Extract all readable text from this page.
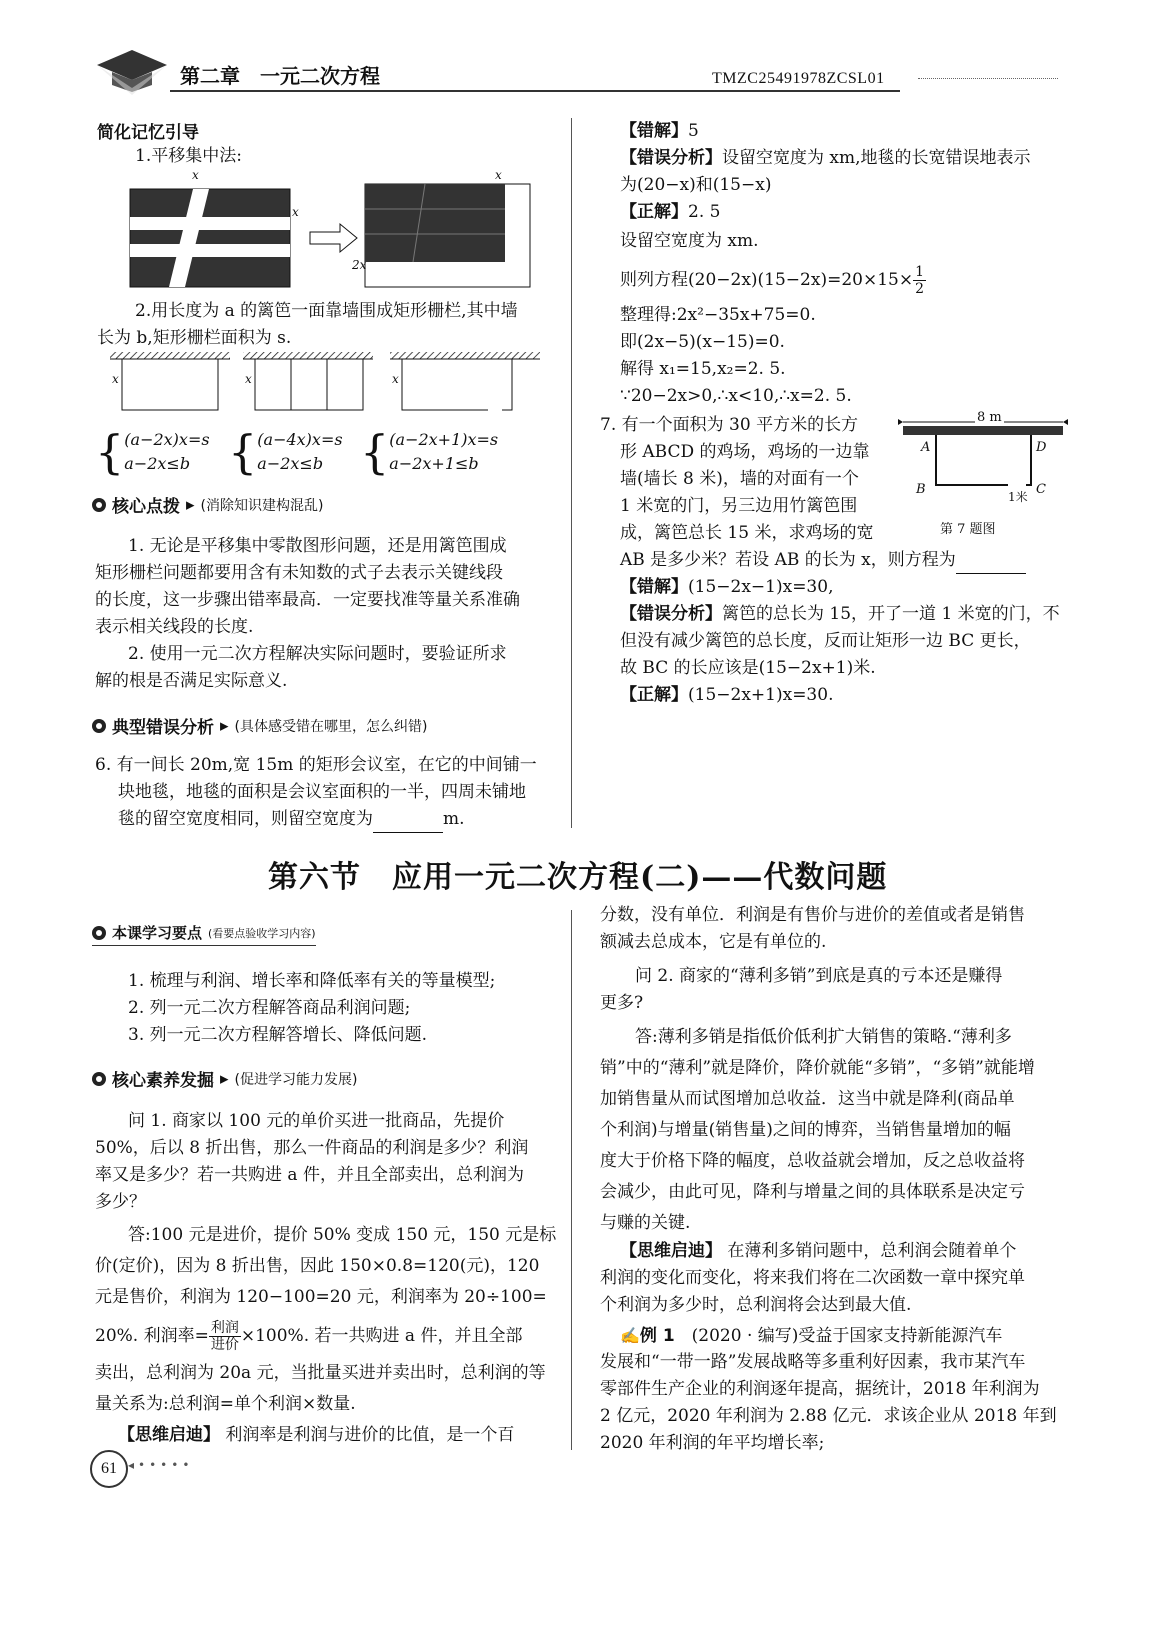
第二章　一元二次方程	TMZC25491978ZCSL01
简化记忆引导
1.平移集中法:
x
x
x
2x
2.用长度为 a 的篱笆一面靠墙围成矩形栅栏,其中墙
长为 b,矩形栅栏面积为 s.
x	x	x
{ (a−2x)x=s
a−2x≤b { (a−4x)x=s
a−2x≤b { (a−2x+1)x=s
a−2x+1≤b
核心点拨 ▸ (消除知识建构混乱)
1. 无论是平移集中零散图形问题，还是用篱笆围成
矩形栅栏问题都要用含有未知数的式子去表示关键线段
的长度，这一步骤出错率最高．一定要找准等量关系准确
表示相关线段的长度.
2. 使用一元二次方程解决实际问题时，要验证所求
解的根是否满足实际意义.
典型错误分析 ▸ (具体感受错在哪里，怎么纠错)
6. 有一间长 20m,宽 15m 的矩形会议室，在它的中间铺一
块地毯，地毯的面积是会议室面积的一半，四周未铺地
毯的留空宽度相同，则留空宽度为	m.
【错解】5
【错误分析】设留空宽度为 xm,地毯的长宽错误地表示
为(20−x)和(15−x)
【正解】2. 5
设留空宽度为 xm.
则列方程$(20-2x)(15-2x)=20\times 15\times \frac{1}{2}$
整理得:2x²−35x+75=0.
即(2x−5)(x−15)=0.
解得 x₁=15,x₂=2. 5.
∵20−2x>0,∴x<10,∴x=2. 5.
7. 有一个面积为 30 平方米的长方
形 ABCD 的鸡场，鸡场的一边靠
墙(墙长 8 米)，墙的对面有一个
1 米宽的门，另三边用竹篱笆围
成，篱笆总长 15 米，求鸡场的宽
AB 是多少米？若设 AB 的长为 x，则方程为
8 m
A	D
B	C
1米
第 7 题图
【错解】(15−2x−1)x=30,
【错误分析】篱笆的总长为 15，开了一道 1 米宽的门，不
但没有减少篱笆的总长度，反而让矩形一边 BC 更长，
故 BC 的长应该是(15−2x+1)米.
【正解】(15−2x+1)x=30.
第六节　应用一元二次方程(二)——代数问题
本课学习要点 (看要点验收学习内容)
1. 梳理与利润、增长率和降低率有关的等量模型;
2. 列一元二次方程解答商品利润问题;
3. 列一元二次方程解答增长、降低问题.
核心素养发掘 ▸ (促进学习能力发展)
问 1. 商家以 100 元的单价买进一批商品，先提价
50%，后以 8 折出售，那么一件商品的利润是多少？利润
率又是多少？若一共购进 a 件，并且全部卖出，总利润为
多少？
答:100 元是进价，提价 50% 变成 150 元，150 元是标
价(定价)，因为 8 折出售，因此 150×0.8=120(元)，120
元是售价，利润为 120−100=20 元，利润率为 20÷100=
20%. 利润率= $\frac{\text{利润}}{\text{进价}} \times 100\%$. 若一共购进 a 件，并且全部
卖出，总利润为 20a 元，当批量买进并卖出时，总利润的等
量关系为:总利润=单个利润×数量.
【思维启迪】 利润率是利润与进价的比值，是一个百
分数，没有单位．利润是有售价与进价的差值或者是销售
额减去总成本，它是有单位的.
问 2. 商家的“薄利多销”到底是真的亏本还是赚得
更多?
答:薄利多销是指低价低利扩大销售的策略.“薄利多
销”中的“薄利”就是降价，降价就能“多销”，“多销”就能增
加销售量从而试图增加总收益．这当中就是降利(商品单
个利润)与增量(销售量)之间的博弈，当销售量增加的幅
度大于价格下降的幅度，总收益就会增加，反之总收益将
会减少，由此可见，降利与增量之间的具体联系是决定亏
与赚的关键.
【思维启迪】 在薄利多销问题中，总利润会随着单个
利润的变化而变化，将来我们将在二次函数一章中探究单
个利润为多少时，总利润将会达到最大值.
✍例 1　 (2020 · 编写)受益于国家支持新能源汽车
发展和“一带一路”发展战略等多重利好因素，我市某汽车
零部件生产企业的利润逐年提高，据统计，2018 年利润为
2 亿元，2020 年利润为 2.88 亿元．求该企业从 2018 年到
2020 年利润的年平均增长率;
61 ◂•••••
